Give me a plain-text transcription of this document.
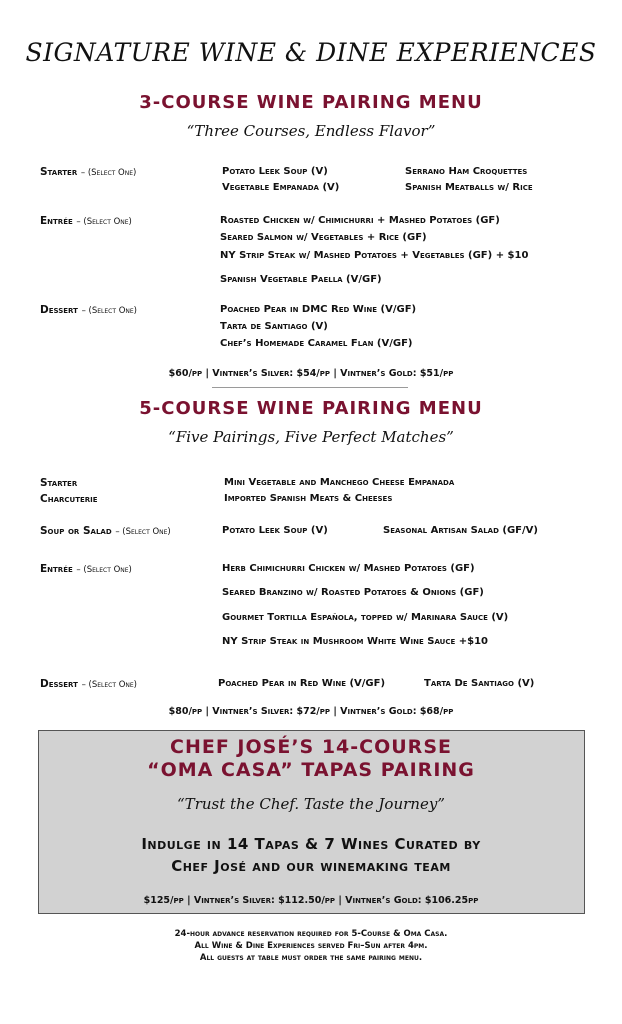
SIGNATURE WINE & DINE EXPERIENCES
3-COURSE WINE PAIRING MENU
“Three Courses, Endless Flavor”
Starter – (Select One)	Potato Leek Soup (V)	Serrano Ham Croquettes
Vegetable Empanada (V)	Spanish Meatballs w/ Rice
Entrée – (Select One)	Roasted Chicken w/ Chimichurri + Mashed Potatoes (GF)
Seared Salmon w/ Vegetables + Rice (GF)
NY Strip Steak w/ Mashed Potatoes + Vegetables (GF) + $10
Spanish Vegetable Paella (V/GF)
Dessert – (Select One)	Poached Pear in DMC Red Wine (V/GF)
Tarta de Santiago (V)
Chef’s Homemade Caramel Flan (V/GF)
$60/pp | Vintner’s Silver: $54/pp | Vintner’s Gold: $51/pp
5-COURSE WINE PAIRING MENU
“Five Pairings, Five Perfect Matches”
Starter	Mini Vegetable and Manchego Cheese Empanada
Charcuterie	Imported Spanish Meats & Cheeses
Soup or Salad – (Select One)	Potato Leek Soup (V)	Seasonal Artisan Salad (GF/V)
Entrée – (Select One)	Herb Chimichurri Chicken w/ Mashed Potatoes (GF)
Seared Branzino w/ Roasted Potatoes & Onions (GF)
Gourmet Tortilla Española, topped w/ Marinara Sauce (V)
NY Strip Steak in Mushroom White Wine Sauce +$10
Dessert – (Select One)	Poached Pear in Red Wine (V/GF)	Tarta De Santiago (V)
$80/pp | Vintner’s Silver: $72/pp | Vintner’s Gold: $68/pp
CHEF JOSÉ’S 14-COURSE
“OMA CASA” TAPAS PAIRING
“Trust the Chef. Taste the Journey”
Indulge in 14 Tapas & 7 Wines Curated by
Chef José and our winemaking team
$125/pp | Vintner’s Silver: $112.50/pp | Vintner’s Gold: $106.25pp
24-hour advance reservation required for 5-Course & Oma Casa.
All Wine & Dine Experiences served Fri–Sun after 4pm.
All guests at table must order the same pairing menu.
